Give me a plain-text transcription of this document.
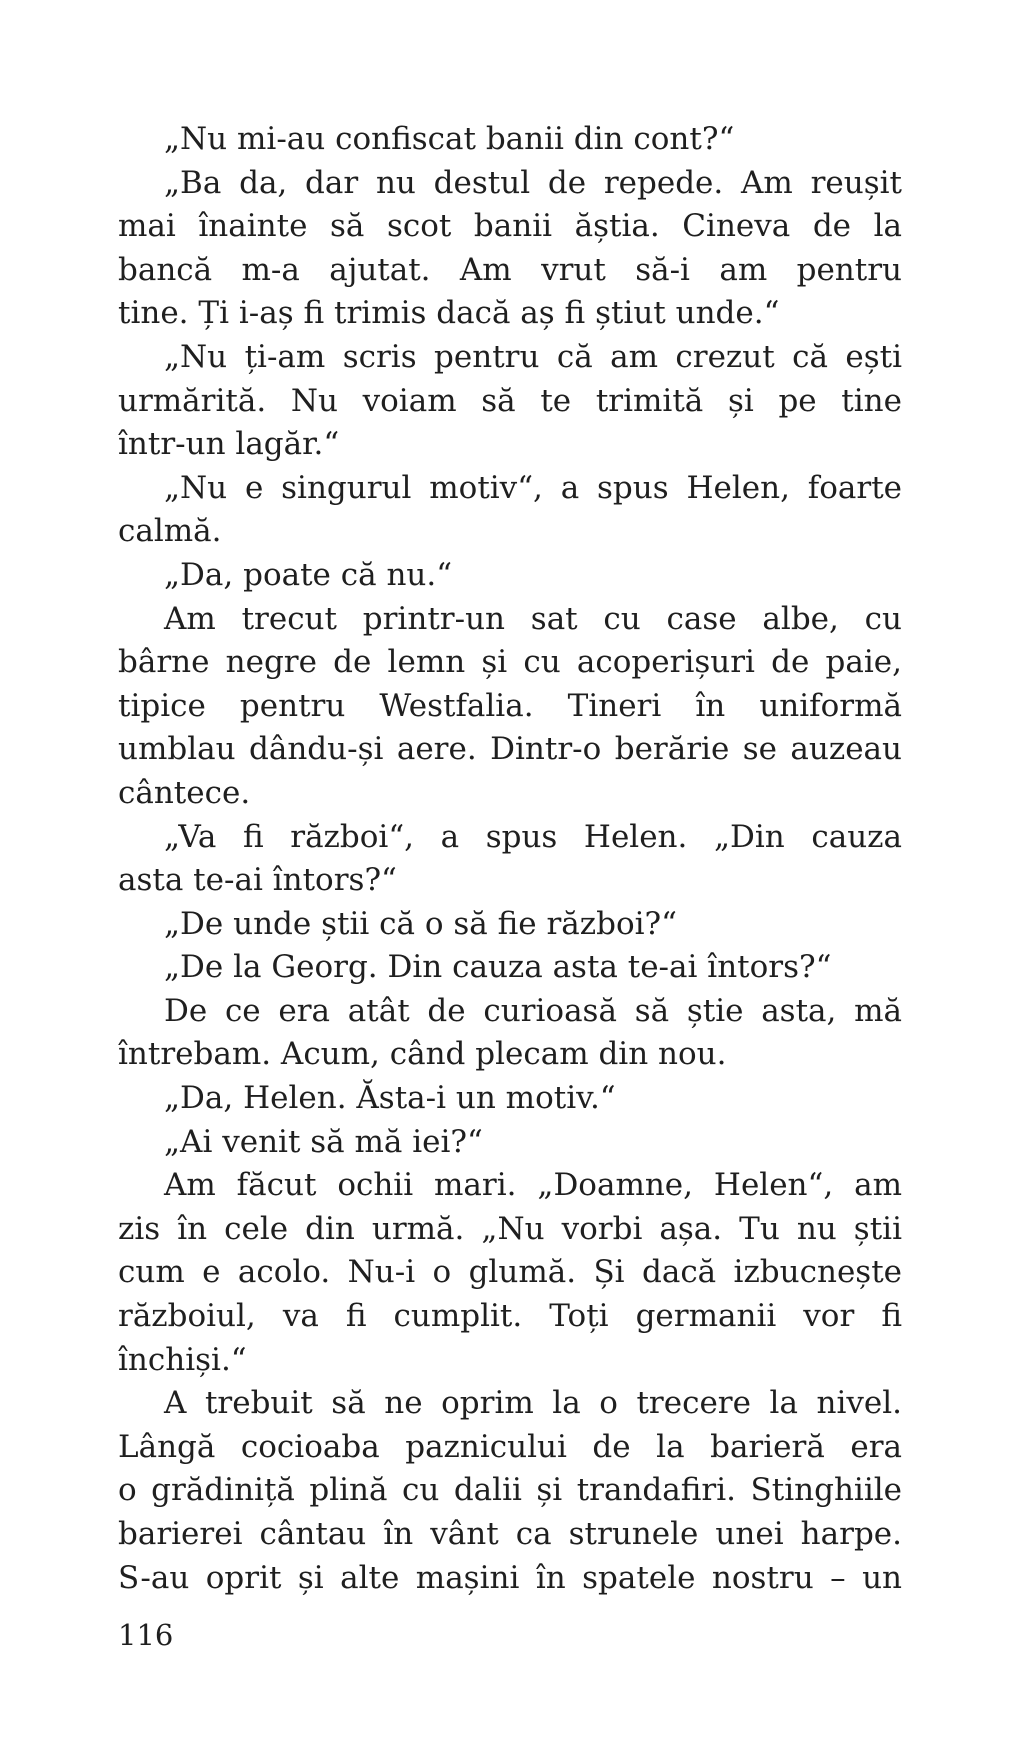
„Nu mi-au confiscat banii din cont?“
„Ba da, dar nu destul de repede. Am reușit
mai înainte să scot banii ăștia. Cineva de la
bancă m-a ajutat. Am vrut să-i am pentru
tine. Ți i-aș fi trimis dacă aș fi știut unde.“
„Nu ți-am scris pentru că am crezut că ești
urmărită. Nu voiam să te trimită și pe tine
într-un lagăr.“
„Nu e singurul motiv“, a spus Helen, foarte
calmă.
„Da, poate că nu.“
Am trecut printr-un sat cu case albe, cu
bârne negre de lemn și cu acoperișuri de paie,
tipice pentru Westfalia. Tineri în uniformă
umblau dându-și aere. Dintr-o berărie se auzeau
cântece.
„Va fi război“, a spus Helen. „Din cauza
asta te-ai întors?“
„De unde știi că o să fie război?“
„De la Georg. Din cauza asta te-ai întors?“
De ce era atât de curioasă să știe asta, mă
întrebam. Acum, când plecam din nou.
„Da, Helen. Ăsta-i un motiv.“
„Ai venit să mă iei?“
Am făcut ochii mari. „Doamne, Helen“, am
zis în cele din urmă. „Nu vorbi așa. Tu nu știi
cum e acolo. Nu-i o glumă. Și dacă izbucnește
războiul, va fi cumplit. Toți germanii vor fi
închiși.“
A trebuit să ne oprim la o trecere la nivel.
Lângă cocioaba paznicului de la barieră era
o grădiniță plină cu dalii și trandafiri. Stinghiile
barierei cântau în vânt ca strunele unei harpe.
S-au oprit și alte mașini în spatele nostru – un
116
